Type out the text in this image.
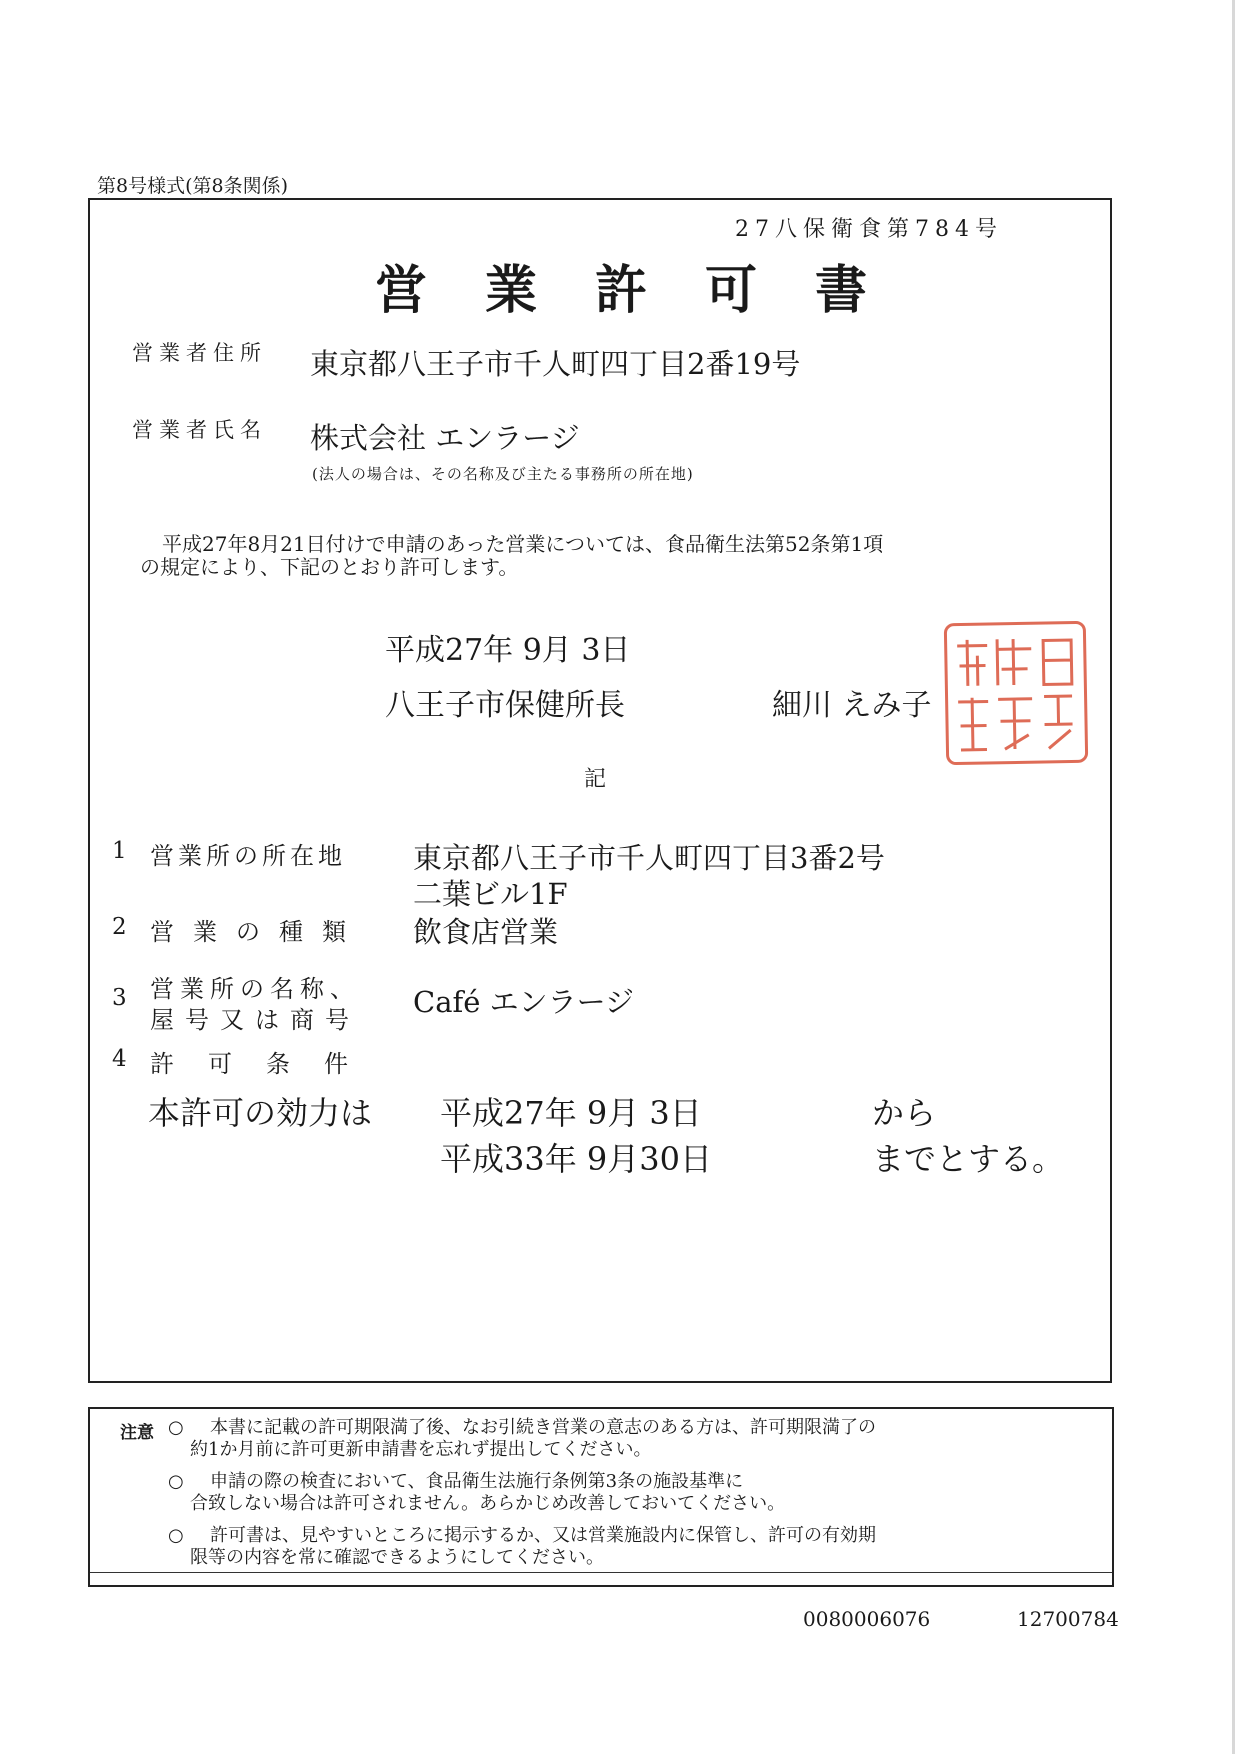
第8号様式(第8条関係)
27八保衛食第784号
営業許可書
営業者住所 東京都八王子市千人町四丁目2番19号
営業者氏名 株式会社 エンラージ
(法人の場合は、その名称及び主たる事務所の所在地)
平成27年8月21日付けで申請のあった営業については、食品衛生法第52条第1項
の規定により、下記のとおり許可します。
平成27年 9月 3日
八王子市保健所長	細川 えみ子
記
1 営業所の所在地 東京都八王子市千人町四丁目3番2号
二葉ビル1F
2 営業の種類 飲食店営業
3 営業所の名称、
屋号又は商号
Café エンラージ
4 許可条件
本許可の効力は 平成27年 9月 3日	から
平成33年 9月30日	までとする。
注意 ○ 本書に記載の許可期限満了後、なお引続き営業の意志のある方は、許可期限満了の
約1か月前に許可更新申請書を忘れず提出してください。
○ 申請の際の検査において、食品衛生法施行条例第3条の施設基準に
合致しない場合は許可されません。あらかじめ改善しておいてください。
○ 許可書は、見やすいところに掲示するか、又は営業施設内に保管し、許可の有効期
限等の内容を常に確認できるようにしてください。
0080006076	12700784
